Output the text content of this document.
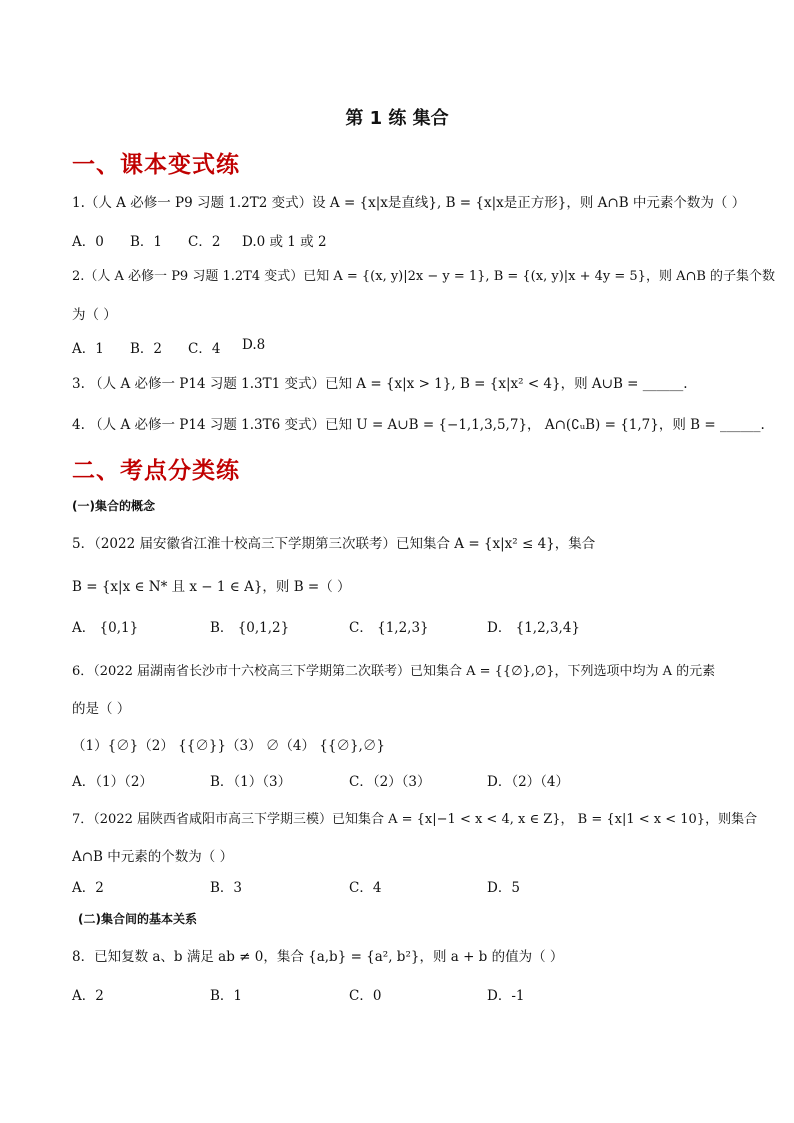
第 1 练 集合
一、课本变式练
1.（人 A 必修一 P9 习题 1.2T2 变式）设 A = {x|x是直线}, B = {x|x是正方形}，则 A∩B 中元素个数为（ ）
A．0 B．1 C．2 D.0 或 1 或 2
2.（人 A 必修一 P9 习题 1.2T4 变式）已知 A = {(x, y)|2x − y = 1}, B = {(x, y)|x + 4y = 5}，则 A∩B 的子集个数
为（ ）
A．1 B．2 C．4 D.8
3. （人 A 必修一 P14 习题 1.3T1 变式）已知 A = {x|x > 1}, B = {x|x² < 4}，则 A∪B = ______.
4. （人 A 必修一 P14 习题 1.3T6 变式）已知 U = A∪B = {−1,1,3,5,7}， A∩(∁ᵤB) = {1,7}，则 B = ______.
二、考点分类练
(一)集合的概念
5．（2022 届安徽省江淮十校高三下学期第三次联考）已知集合 A = {x|x² ≤ 4}，集合
B = {x|x ∈ N* 且 x − 1 ∈ A}，则 B =（ ）
A． {0,1}	B． {0,1,2}	C． {1,2,3}	D． {1,2,3,4}
6．（2022 届湖南省长沙市十六校高三下学期第二次联考）已知集合 A = {{∅},∅}，下列选项中均为 A 的元素
的是（ ）
（1）{∅}（2） {{∅}}（3） ∅（4） {{∅},∅}
A．（1）（2）	B．（1）（3）	C．（2）（3）	D．（2）（4）
7．（2022 届陕西省咸阳市高三下学期三模）已知集合 A = {x|−1 < x < 4, x ∈ Z}， B = {x|1 < x < 10}，则集合
A∩B 中元素的个数为（ ）
A．2	B．3	C．4	D．5
(二)集合间的基本关系
8．已知复数 a、b 满足 ab ≠ 0，集合 {a,b} = {a², b²}，则 a + b 的值为（ ）
A．2	B．1	C．0	D．-1
